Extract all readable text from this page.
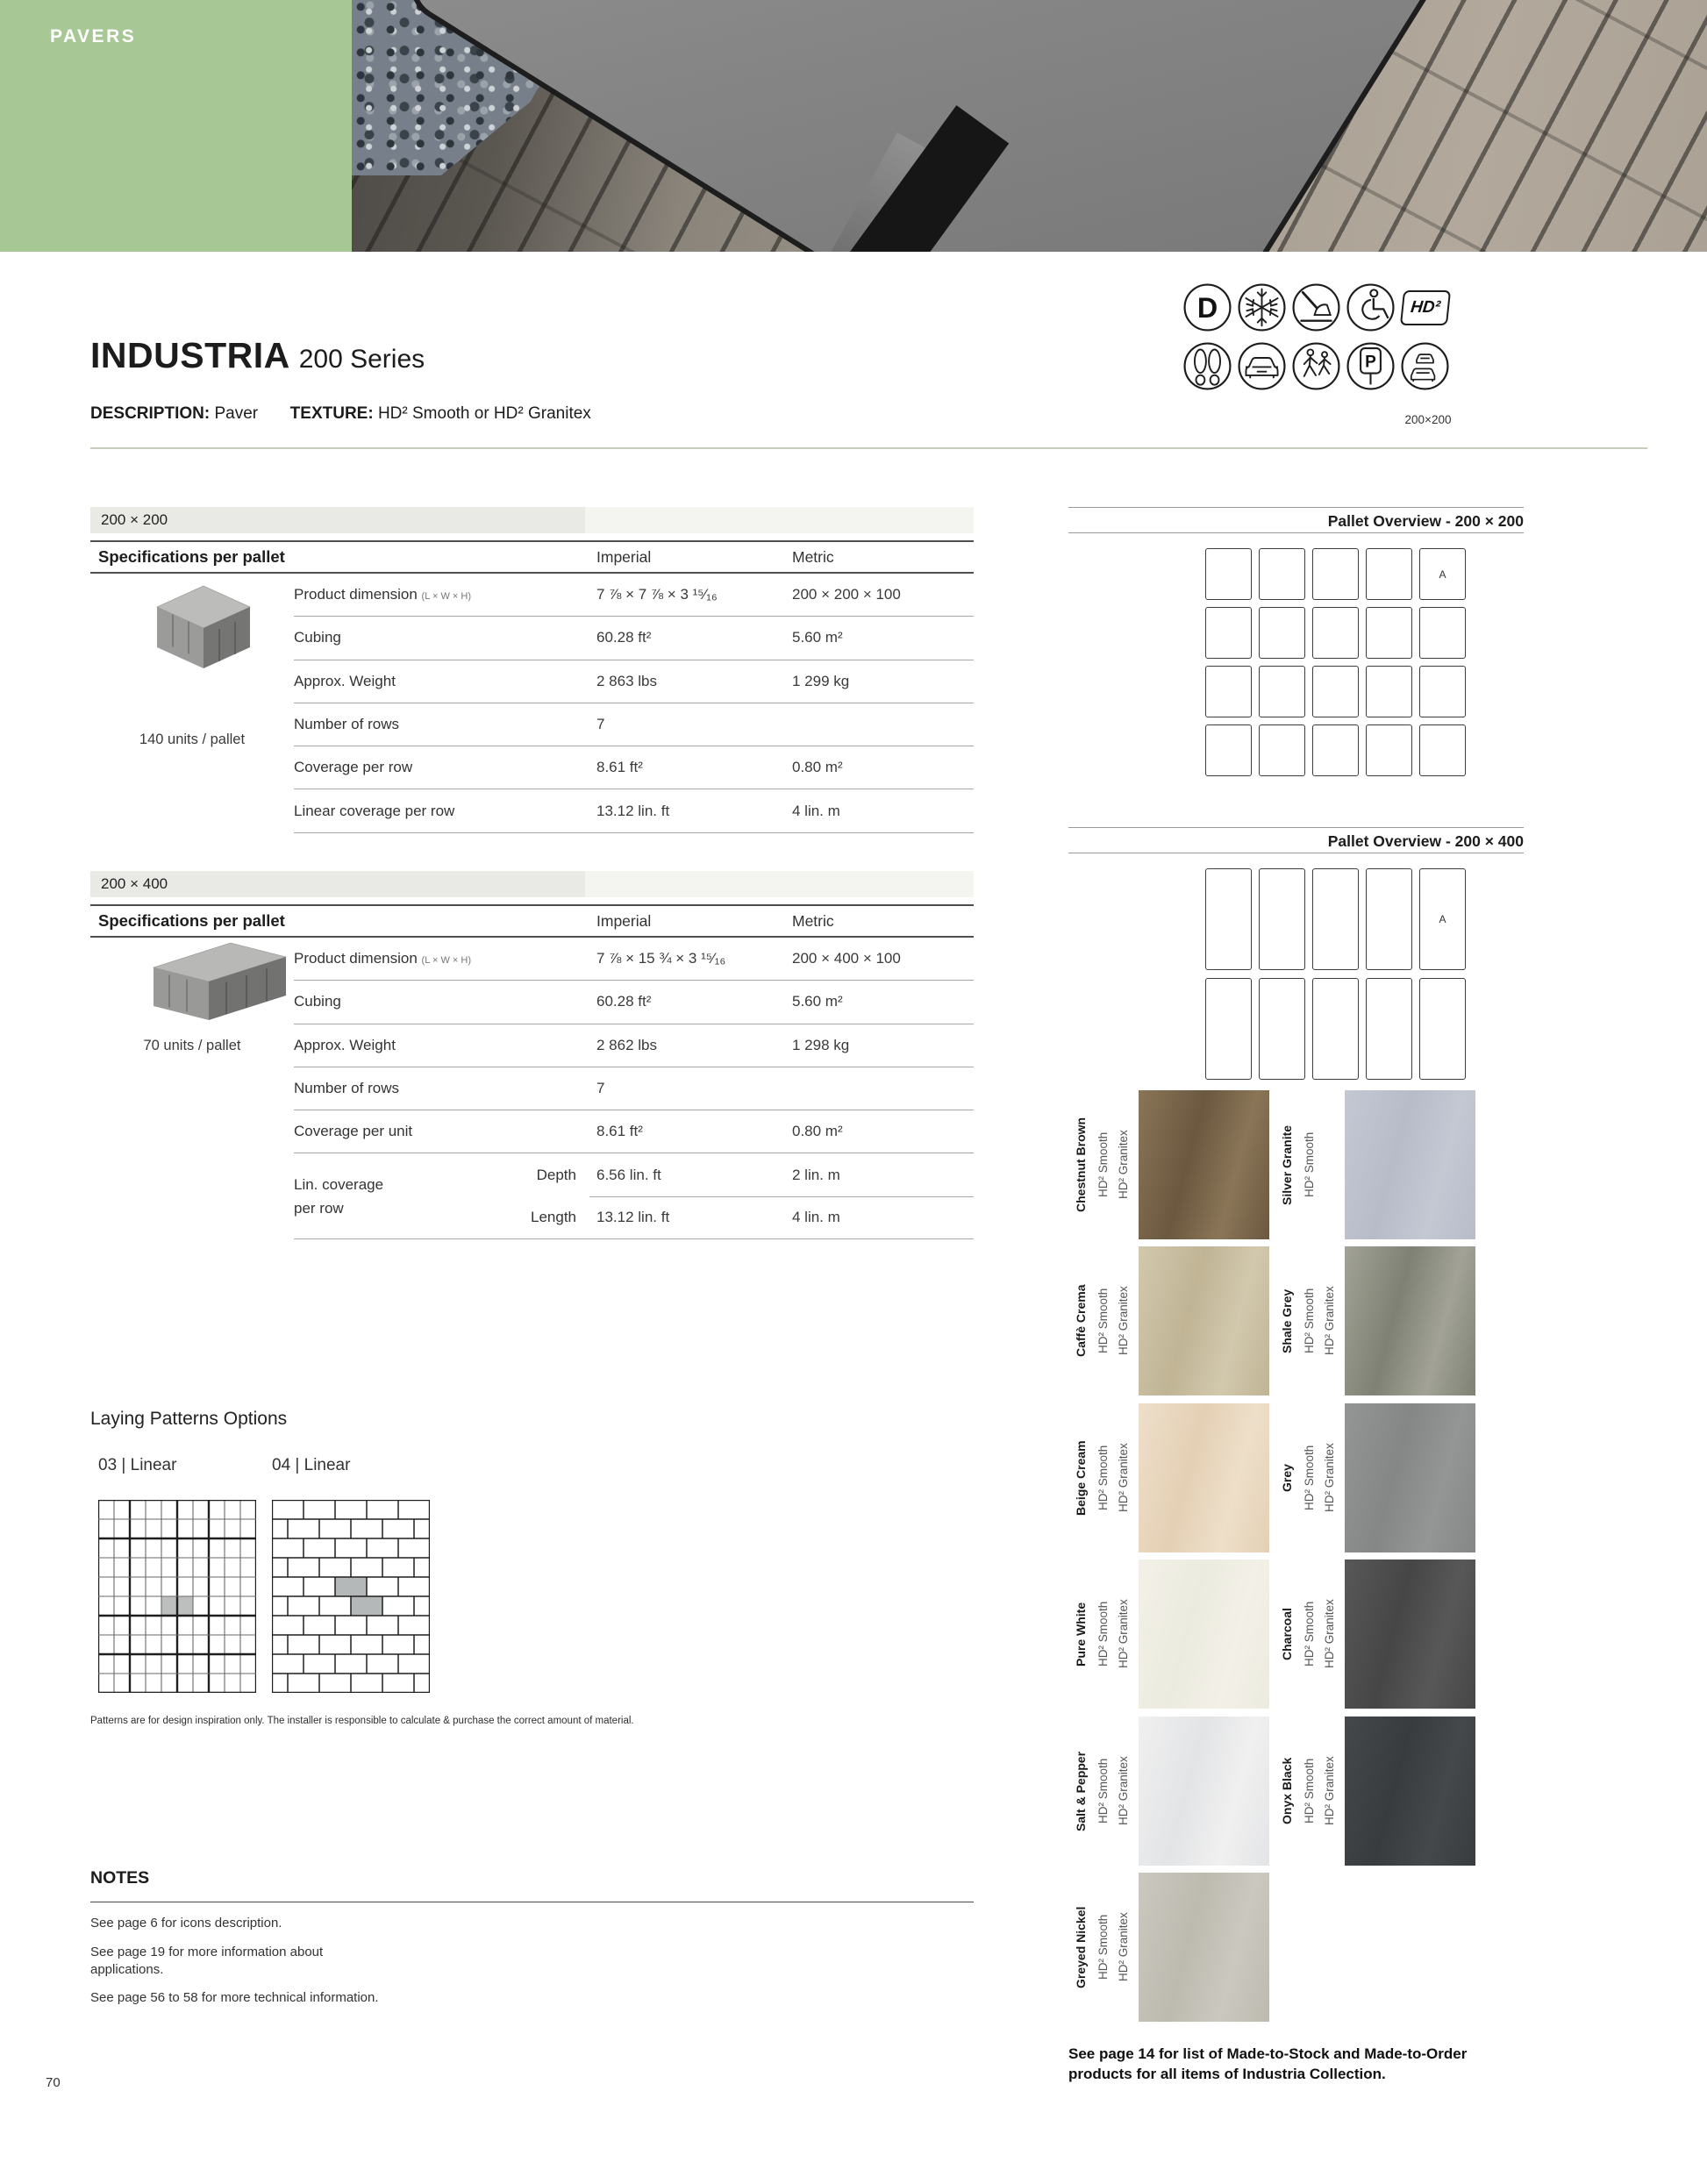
PAVERS
D	HD²
P
200×200
INDUSTRIA 200 Series
DESCRIPTION: Paver TEXTURE: HD² Smooth or HD² Granitex
200 × 200
Specifications per pallet	Imperial	Metric
Product dimension (L × W × H)	7 ⅞ × 7 ⅞ × 3 ¹⁵⁄₁₆	200 × 200 × 100
Cubing	60.28 ft²	5.60 m²
Approx. Weight	2 863 lbs	1 299 kg
Number of rows	7
Coverage per row	8.61 ft²	0.80 m²
Linear coverage per row	13.12 lin. ft	4 lin. m
140 units / pallet
200 × 400
Specifications per pallet	Imperial	Metric
Product dimension (L × W × H)	7 ⅞ × 15 ¾ × 3 ¹⁵⁄₁₆	200 × 400 × 100
Cubing	60.28 ft²	5.60 m²
Approx. Weight	2 862 lbs	1 298 kg
Number of rows	7
Coverage per unit	8.61 ft²	0.80 m²
Lin. coverage
per row
Depth 6.56 lin. ft	2 lin. m
Length 13.12 lin. ft	4 lin. m
70 units / pallet
Pallet Overview - 200 × 200
A
Pallet Overview - 200 × 400
A
Chestnut Brown HD² Smooth HD² Granitex	Silver Granite HD² Smooth
Caffè Crema HD² Smooth HD² Granitex	Shale Grey HD² Smooth HD² Granitex
Beige Cream HD² Smooth HD² Granitex	Grey HD² Smooth HD² Granitex
Pure White HD² Smooth HD² Granitex	Charcoal HD² Smooth HD² Granitex
Salt & Pepper HD² Smooth HD² Granitex	Onyx Black HD² Smooth HD² Granitex
Greyed Nickel HD² Smooth HD² Granitex
Laying Patterns Options
03 | Linear	04 | Linear
Patterns are for design inspiration only. The installer is responsible to calculate & purchase the correct amount of material.
NOTES
See page 6 for icons description.
See page 19 for more information about applications.
See page 56 to 58 for more technical information.
See page 14 for list of Made-to-Stock and Made-to-Order products for all items of Industria Collection.
70
